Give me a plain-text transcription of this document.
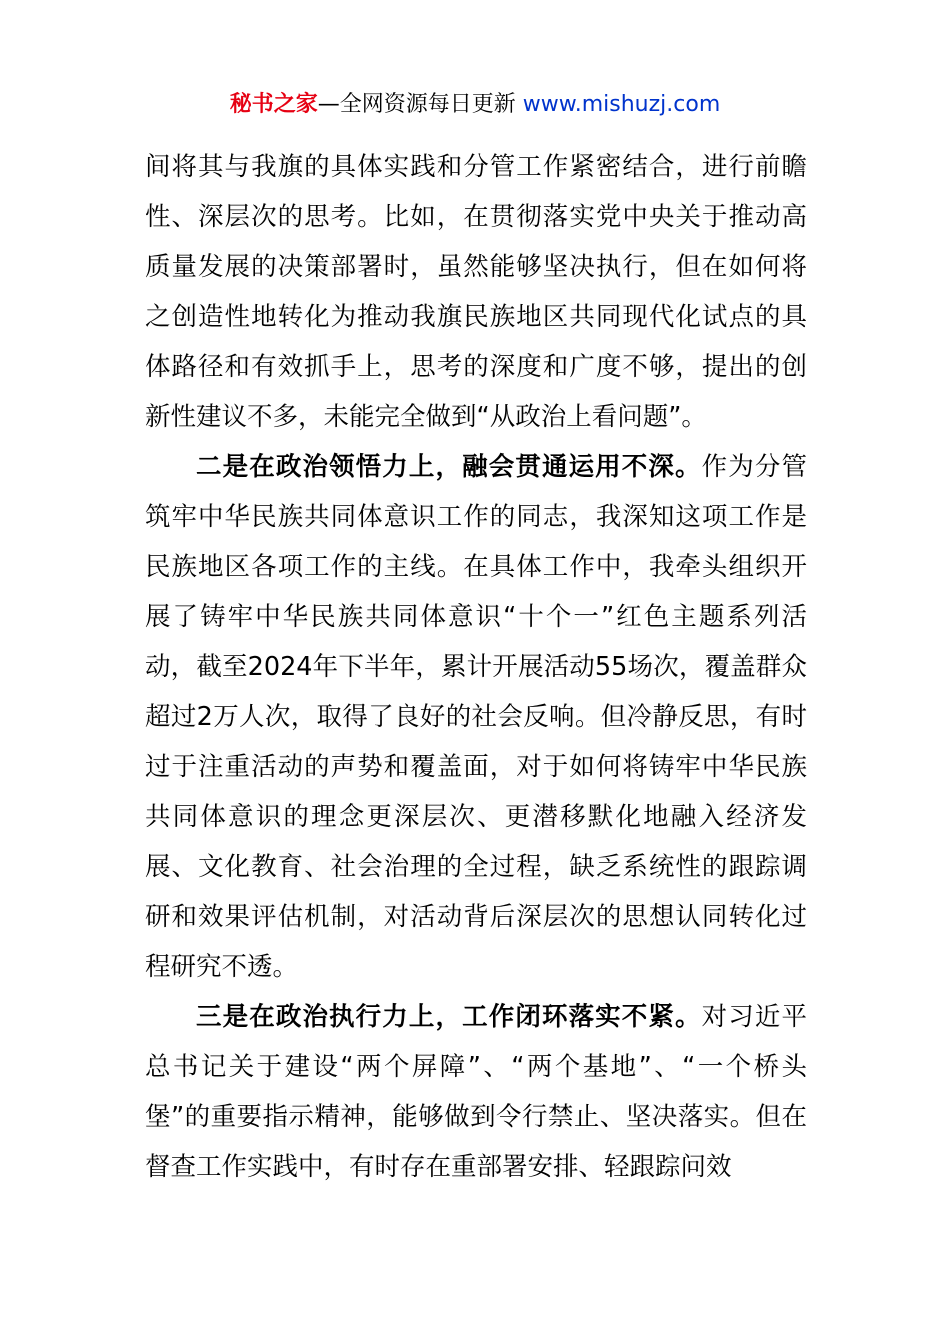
秘书之家—全网资源每日更新 www.mishuzj.com

间将其与我旗的具体实践和分管工作紧密结合，进行前瞻性、深层次的思考。比如，在贯彻落实党中央关于推动高质量发展的决策部署时，虽然能够坚决执行，但在如何将之创造性地转化为推动我旗民族地区共同现代化试点的具体路径和有效抓手上，思考的深度和广度不够，提出的创新性建议不多，未能完全做到“从政治上看问题”。

二是在政治领悟力上，融会贯通运用不深。作为分管筑牢中华民族共同体意识工作的同志，我深知这项工作是民族地区各项工作的主线。在具体工作中，我牵头组织开展了铸牢中华民族共同体意识“十个一”红色主题系列活动，截至2024年下半年，累计开展活动55场次，覆盖群众超过2万人次，取得了良好的社会反响。但冷静反思，有时过于注重活动的声势和覆盖面，对于如何将铸牢中华民族共同体意识的理念更深层次、更潜移默化地融入经济发展、文化教育、社会治理的全过程，缺乏系统性的跟踪调研和效果评估机制，对活动背后深层次的思想认同转化过程研究不透。

三是在政治执行力上，工作闭环落实不紧。对习近平总书记关于建设“两个屏障”、“两个基地”、“一个桥头堡”的重要指示精神，能够做到令行禁止、坚决落实。但在督查工作实践中，有时存在重部署安排、轻跟踪问效
